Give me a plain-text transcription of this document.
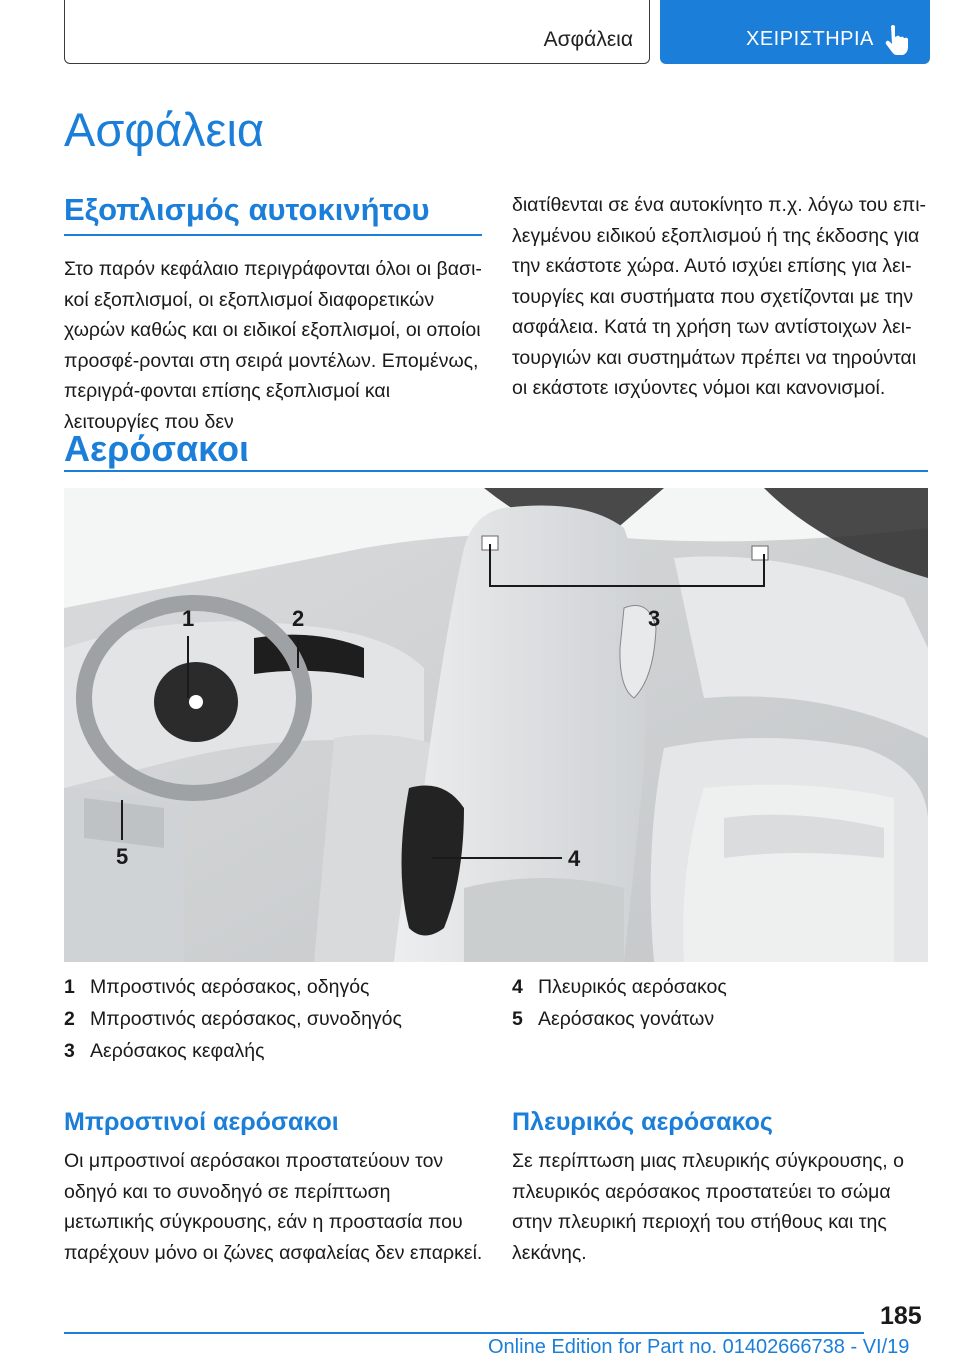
Ασφάλεια	ΧΕΙΡΙΣΤΗΡΙΑ
Ασφάλεια
Εξοπλισμός αυτοκινήτου

Στο παρόν κεφάλαιο περιγράφονται όλοι οι βασι-κοί εξοπλισμοί, οι εξοπλισμοί διαφορετικών χωρών καθώς και οι ειδικοί εξοπλισμοί, οι οποίοι προσφέ-ρονται στη σειρά μοντέλων. Επομένως, περιγρά-φονται επίσης εξοπλισμοί και λειτουργίες που δεν

διατίθενται σε ένα αυτοκίνητο π.χ. λόγω του επι-λεγμένου ειδικού εξοπλισμού ή της έκδοσης για την εκάστοτε χώρα. Αυτό ισχύει επίσης για λει-τουργίες και συστήματα που σχετίζονται με την ασφάλεια. Κατά τη χρήση των αντίστοιχων λει-τουργιών και συστημάτων πρέπει να τηρούνται οι εκάστοτε ισχύοντες νόμοι και κανονισμοί.

Αερόσακοι
1	2	3
4
5
1 Μπροστινός αερόσακος, οδηγός
2 Μπροστινός αερόσακος, συνοδηγός
3 Αερόσακος κεφαλής
4 Πλευρικός αερόσακος
5 Αερόσακος γονάτων
Μπροστινοί αερόσακοι

Οι μπροστινοί αερόσακοι προστατεύουν τον οδηγό και το συνοδηγό σε περίπτωση μετωπικής σύγκρουσης, εάν η προστασία που παρέχουν μόνο οι ζώνες ασφαλείας δεν επαρκεί.

Πλευρικός αερόσακος

Σε περίπτωση μιας πλευρικής σύγκρουσης, ο πλευρικός αερόσακος προστατεύει το σώμα στην πλευρική περιοχή του στήθους και της λεκάνης.

185
Online Edition for Part no. 01402666738 - VI/19
